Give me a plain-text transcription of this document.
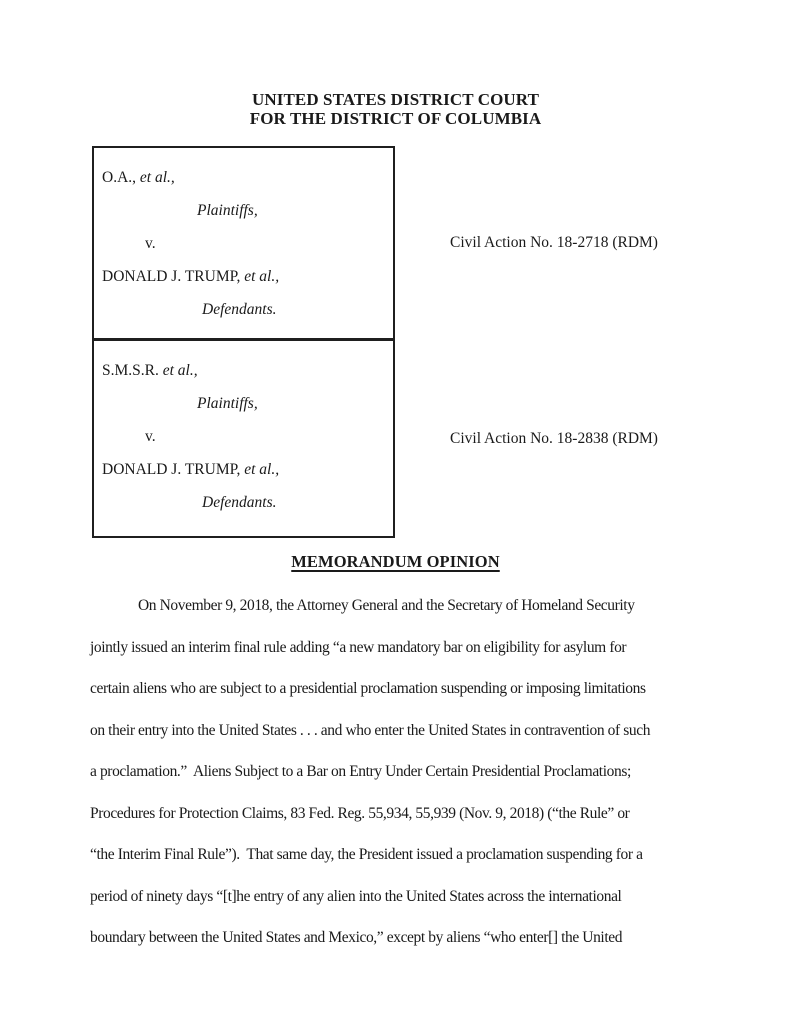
UNITED STATES DISTRICT COURT
FOR THE DISTRICT OF COLUMBIA
O.A., et al.,
Plaintiffs,
v.
DONALD J. TRUMP, et al.,
Defendants.
S.M.S.R. et al.,
Plaintiffs,
v.
DONALD J. TRUMP, et al.,
Defendants.
Civil Action No. 18-2718 (RDM)
Civil Action No. 18-2838 (RDM)
MEMORANDUM OPINION
On November 9, 2018, the Attorney General and the Secretary of Homeland Security
jointly issued an interim final rule adding “a new mandatory bar on eligibility for asylum for
certain aliens who are subject to a presidential proclamation suspending or imposing limitations
on their entry into the United States . . . and who enter the United States in contravention of such
a proclamation.”  Aliens Subject to a Bar on Entry Under Certain Presidential Proclamations;
Procedures for Protection Claims, 83 Fed. Reg. 55,934, 55,939 (Nov. 9, 2018) (“the Rule” or
“the Interim Final Rule”).  That same day, the President issued a proclamation suspending for a
period of ninety days “[t]he entry of any alien into the United States across the international
boundary between the United States and Mexico,” except by aliens “who enter[] the United
